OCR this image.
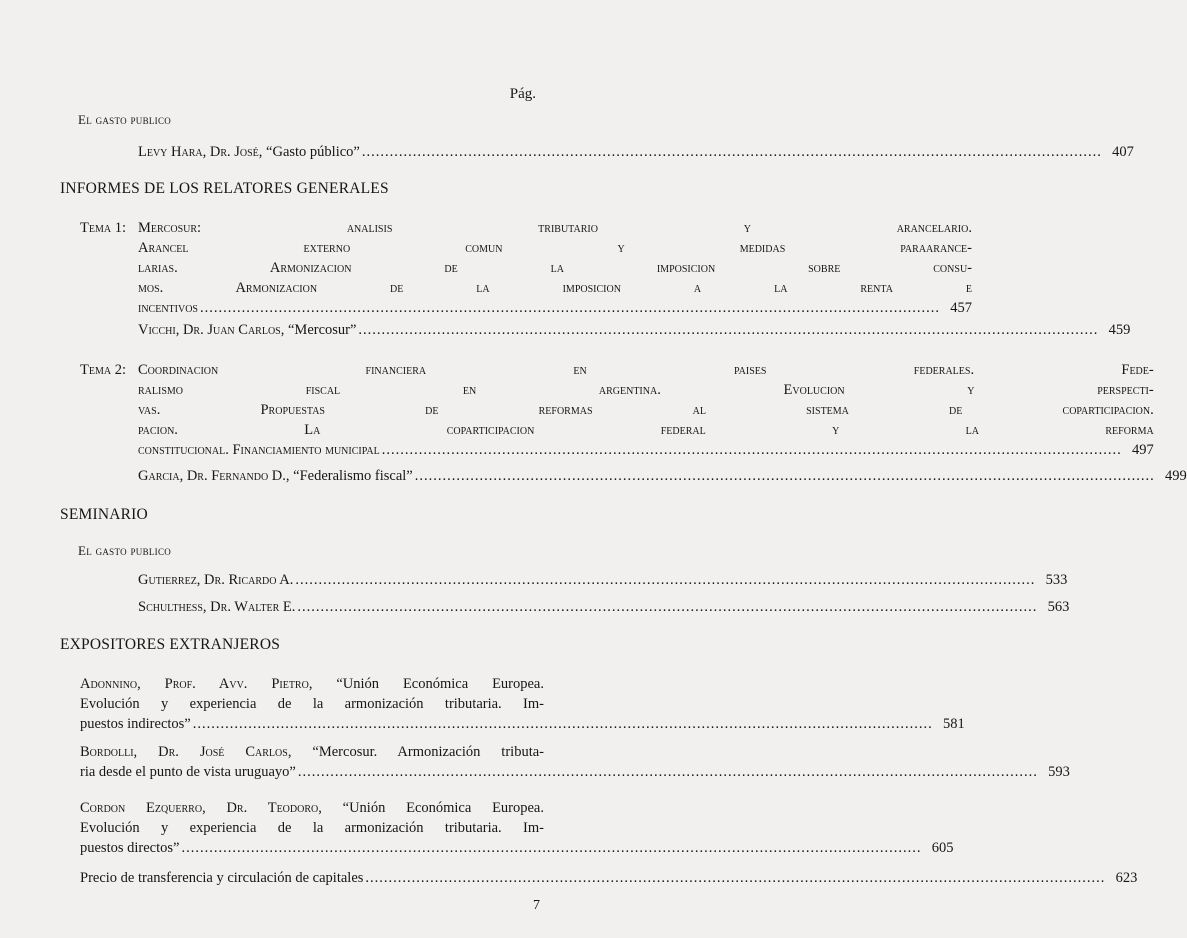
Pág.
El gasto publico
Levy Hara, Dr. José, “Gasto público” .....	407
INFORMES DE LOS RELATORES GENERALES
Tema 1: Mercosur: analisis tributario y arancelario.

Arancel externo comun y medidas paraarance-

larias. Armonizacion de la imposicion sobre consu-

mos. Armonizacion de la imposicion a la renta e

incentivos .....	457
Vicchi, Dr. Juan Carlos, “Mercosur” .....	459
Tema 2: Coordinacion financiera en paises federales. Fede-

ralismo fiscal en argentina. Evolucion y perspecti-

vas. Propuestas de reformas al sistema de coparticipacion.

pacion. La coparticipacion federal y la reforma

constitucional. Financiamiento municipal .....	497
Garcia, Dr. Fernando D., “Federalismo fiscal” .....	499
SEMINARIO
El gasto publico
Gutierrez, Dr. Ricardo A. .....	533
Schulthess, Dr. Walter E. .....	563
EXPOSITORES EXTRANJEROS

Adonnino, Prof. Avv. Pietro, “Unión Económica Europea.

Evolución y experiencia de la armonización tributaria. Im-

puestos indirectos” .....	581

Bordolli, Dr. José Carlos, “Mercosur. Armonización tributa-

ria desde el punto de vista uruguayo” .....	593

Cordon Ezquerro, Dr. Teodoro, “Unión Económica Europea.

Evolución y experiencia de la armonización tributaria. Im-

puestos directos” .....	605
Precio de transferencia y circulación de capitales .....	623
7
